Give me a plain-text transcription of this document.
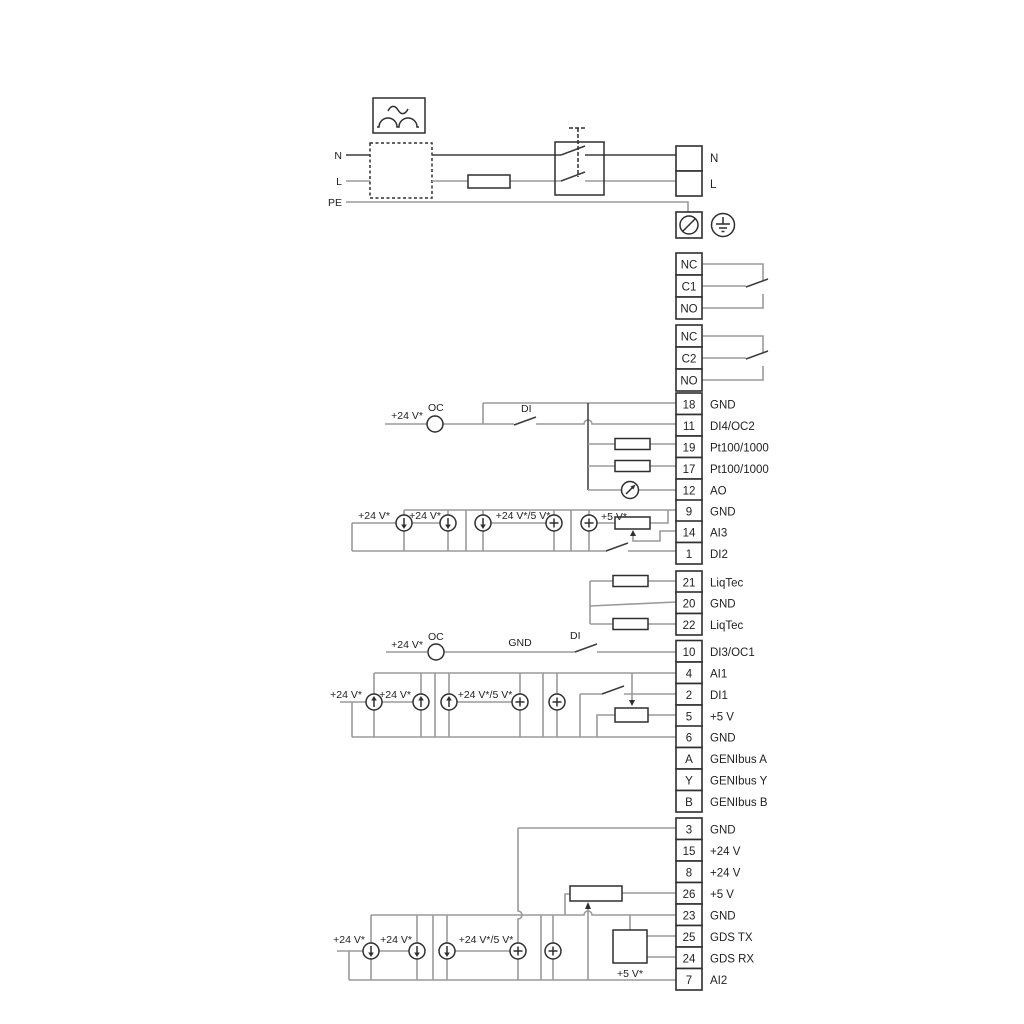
N
L
PE
N
L
NC
C1
NO
NC
C2
NO
18 GND
11 DI4/OC2
19 Pt100/1000
17 Pt100/1000
12 AO
9 GND
14 AI3
1 DI2
21 LiqTec
20 GND
22 LiqTec
10 DI3/OC1
4 AI1
2 DI1
5 +5 V
6 GND
A GENIbus A
Y GENIbus Y
B GENIbus B
3 GND
15 +24 V
8 +24 V
26 +5 V
23 GND
25 GDS TX
24 GDS RX
7 AI2
+24 V*
OC	DI
+24 V* +24 V*	+24 V*/5 V*	+5 V*
+24 V*
OC	GND
DI
+24 V* +24 V*	+24 V*/5 V*
+24 V* +24 V*	+24 V*/5 V*
+5 V*
